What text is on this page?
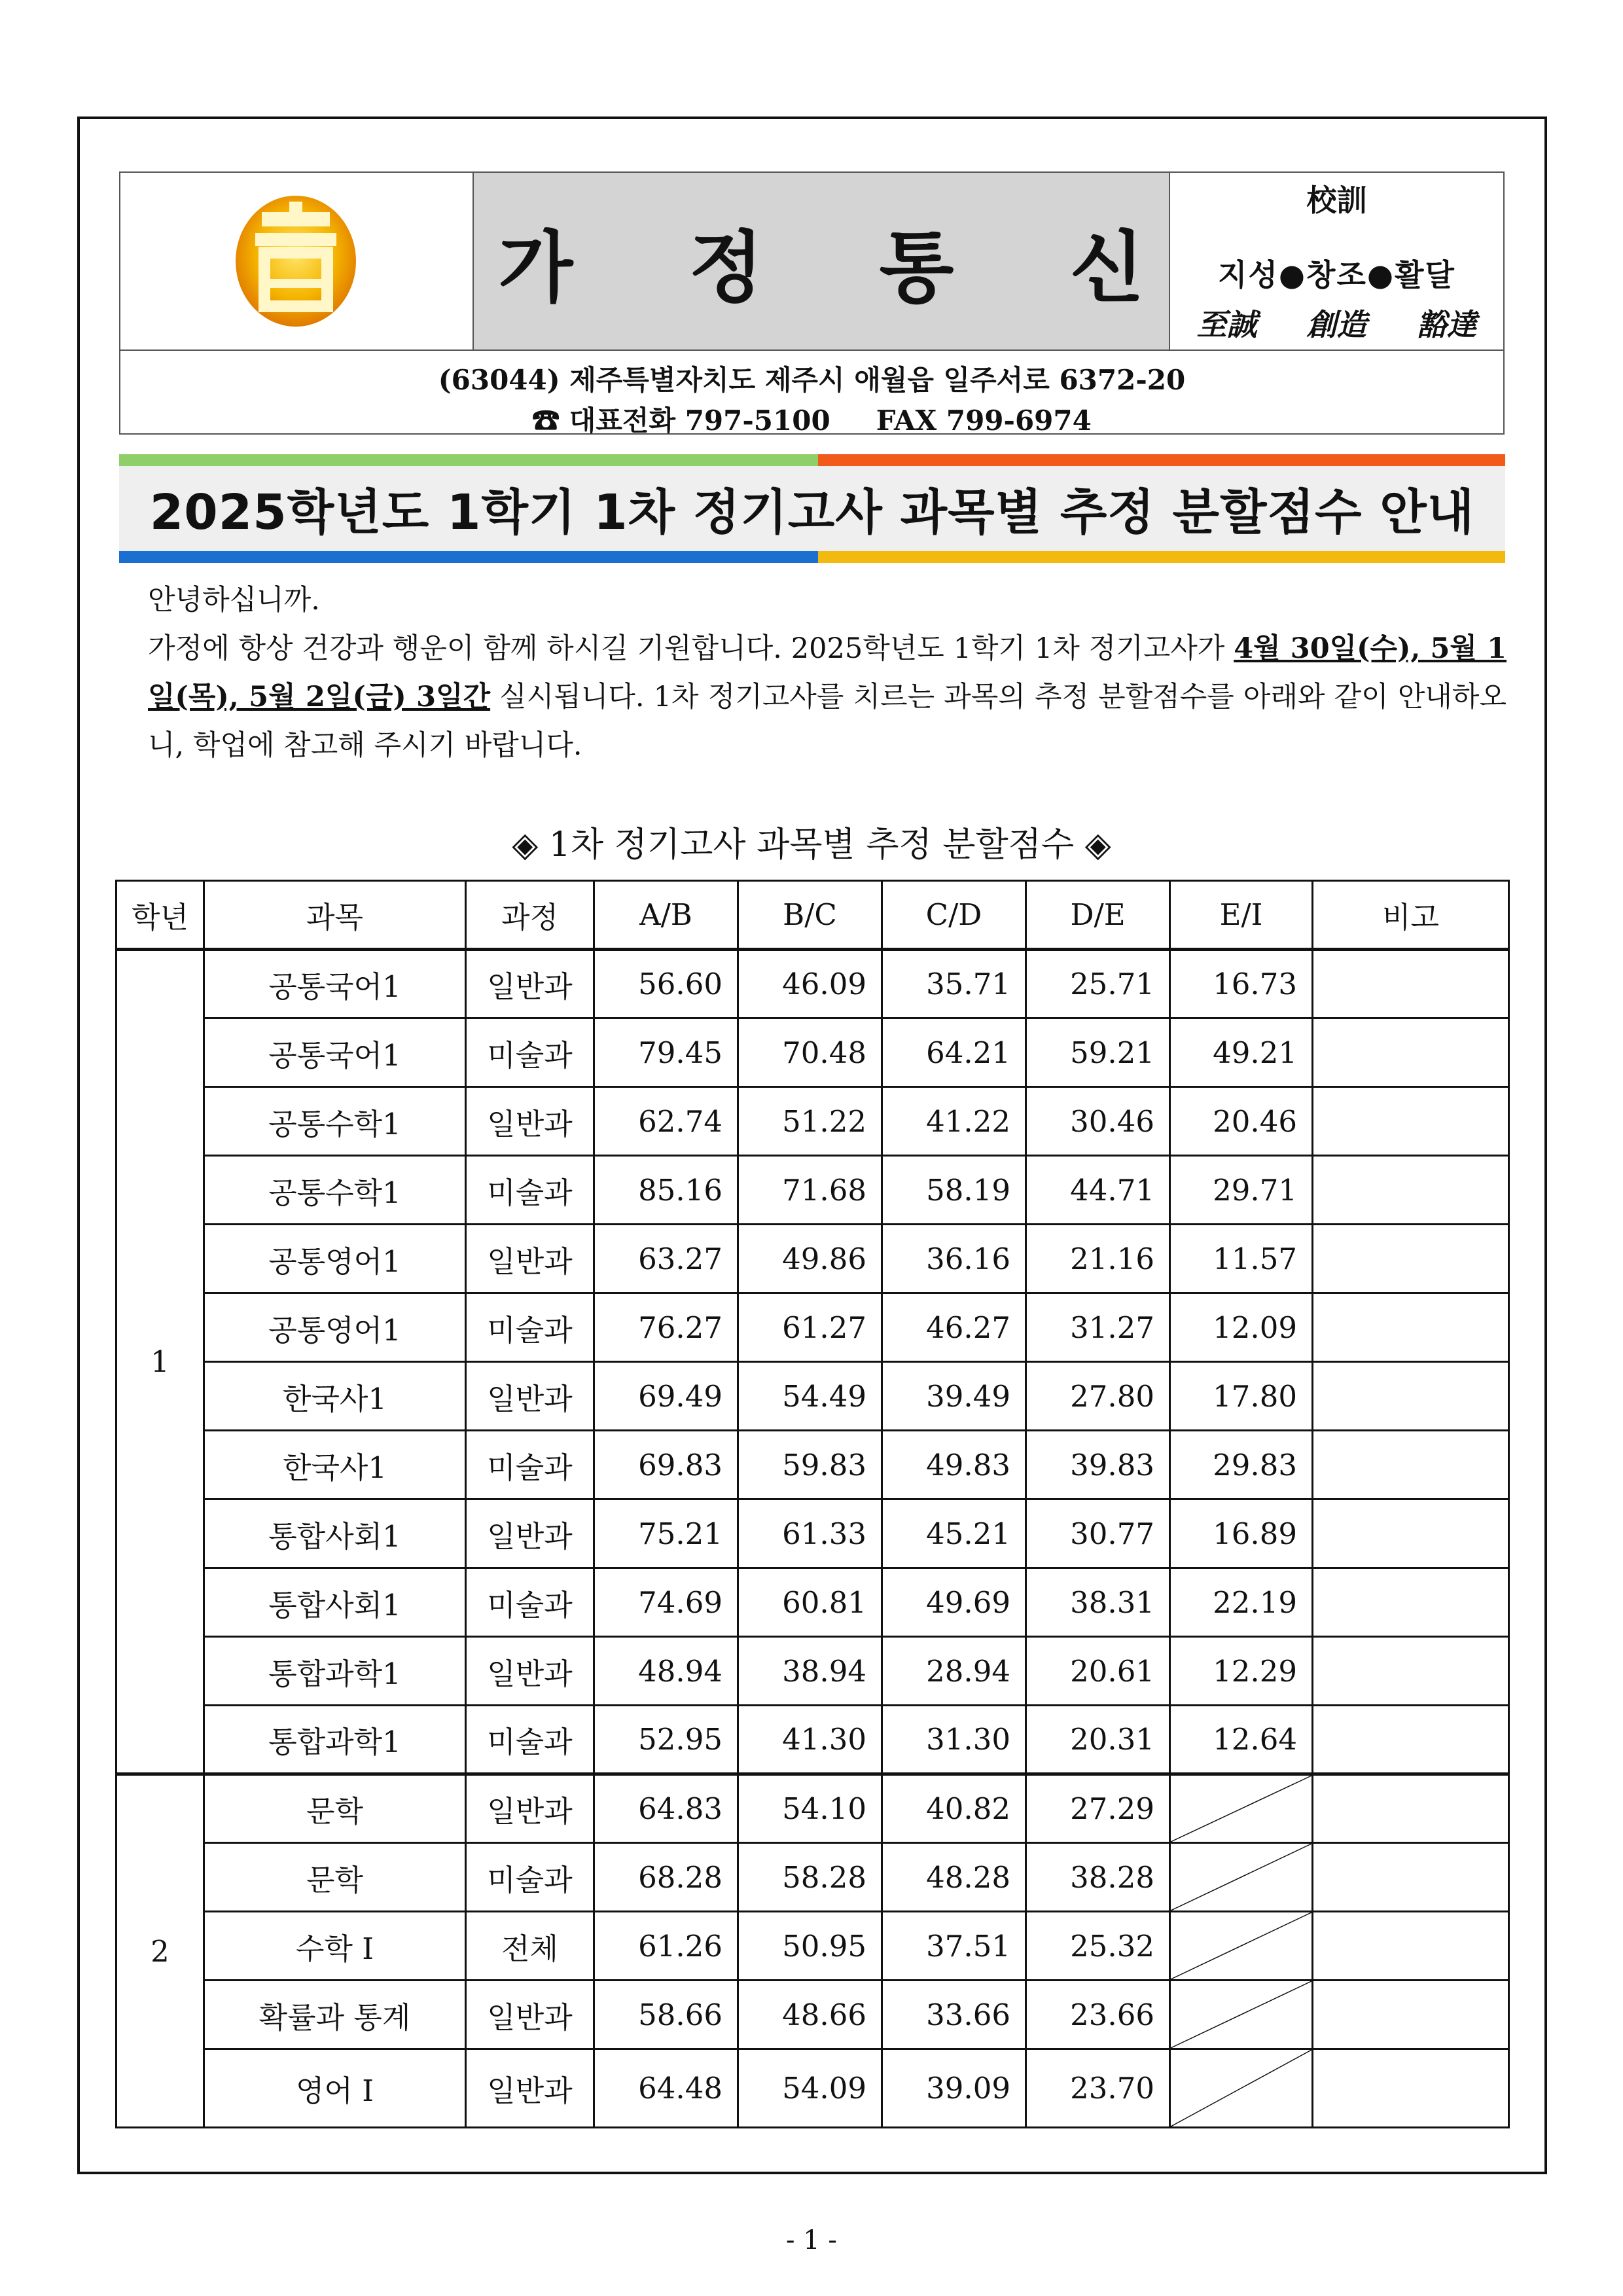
高
가 정 통 신
校訓
지성●창조●활달
至誠 創造 豁達
(63044) 제주특별자치도 제주시 애월읍 일주서로 6372-20
☎ 대표전화 797-5100 FAX 799-6974
2025학년도 1학기 1차 정기고사 과목별 추정 분할점수 안내

안녕하십니까.

가정에 항상 건강과 행운이 함께 하시길 기원합니다. 2025학년도 1학기 1차 정기고사가 4월 30일(수), 5월 1일(목), 5월 2일(금) 3일간 실시됩니다. 1차 정기고사를 치르는 과목의 추정 분할점수를 아래와 같이 안내하오니, 학업에 참고해 주시기 바랍니다.

◈ 1차 정기고사 과목별 추정 분할점수 ◈
학년	과목	과정	A/B	B/C	C/D	D/E	E/I	비고
1	공통국어1	일반과	56.60	46.09	35.71	25.71	16.73	
	공통국어1	미술과	79.45	70.48	64.21	59.21	49.21	
	공통수학1	일반과	62.74	51.22	41.22	30.46	20.46	
	공통수학1	미술과	85.16	71.68	58.19	44.71	29.71	
	공통영어1	일반과	63.27	49.86	36.16	21.16	11.57	
	공통영어1	미술과	76.27	61.27	46.27	31.27	12.09	
	한국사1	일반과	69.49	54.49	39.49	27.80	17.80	
	한국사1	미술과	69.83	59.83	49.83	39.83	29.83	
	통합사회1	일반과	75.21	61.33	45.21	30.77	16.89	
	통합사회1	미술과	74.69	60.81	49.69	38.31	22.19	
	통합과학1	일반과	48.94	38.94	28.94	20.61	12.29	
	통합과학1	미술과	52.95	41.30	31.30	20.31	12.64	
2	문학	일반과	64.83	54.10	40.82	27.29	

	문학	미술과	68.28	58.28	48.28	38.28	

	수학 I	전체	61.26	50.95	37.51	25.32	

	확률과 통계	일반과	58.66	48.66	33.66	23.66	

	영어 I	일반과	64.48	54.09	39.09	23.70	

- 1 -
